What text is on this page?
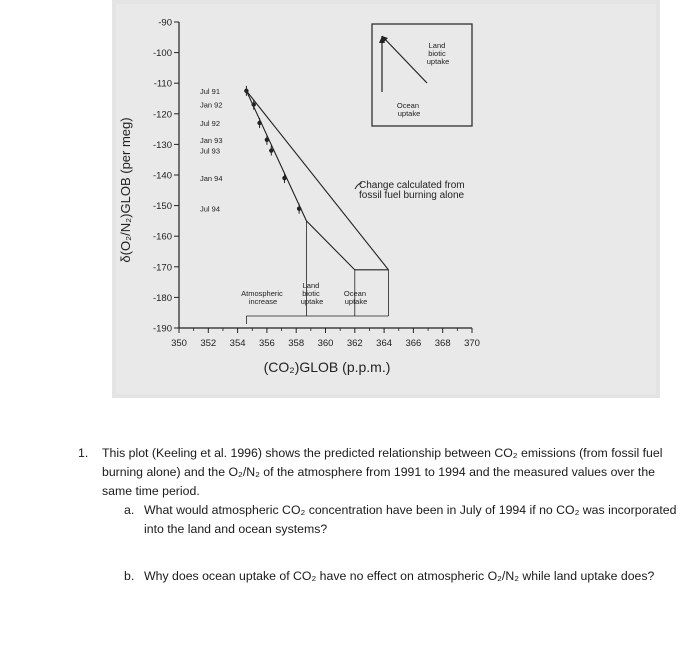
-90
-100
-110
-120
-130
-140
-150
-160
-170
-180
-190
350 352 354 356 358 360 362 364 366 368 370
δ(O₂/N₂)GLOB (per meg)
(CO₂)GLOB (p.p.m.)
Jul 91
Jan 92
Jul 92
Jan 93
Jul 93
Jan 94
Jul 94
Atmospheric increase
Land biotic uptake
Ocean uptake
Change calculated from fossil fuel burning alone
Land biotic uptake
Ocean uptake
1.	This plot (Keeling et al. 1996) shows the predicted relationship between CO₂ emissions (from fossil fuel burning alone) and the O₂/N₂ of the atmosphere from 1991 to 1994 and the measured values over the same time period.
a. What would atmospheric CO₂ concentration have been in July of 1994 if no CO₂ was incorporated into the land and ocean systems?
b. Why does ocean uptake of CO₂ have no effect on atmospheric O₂/N₂ while land uptake does?
